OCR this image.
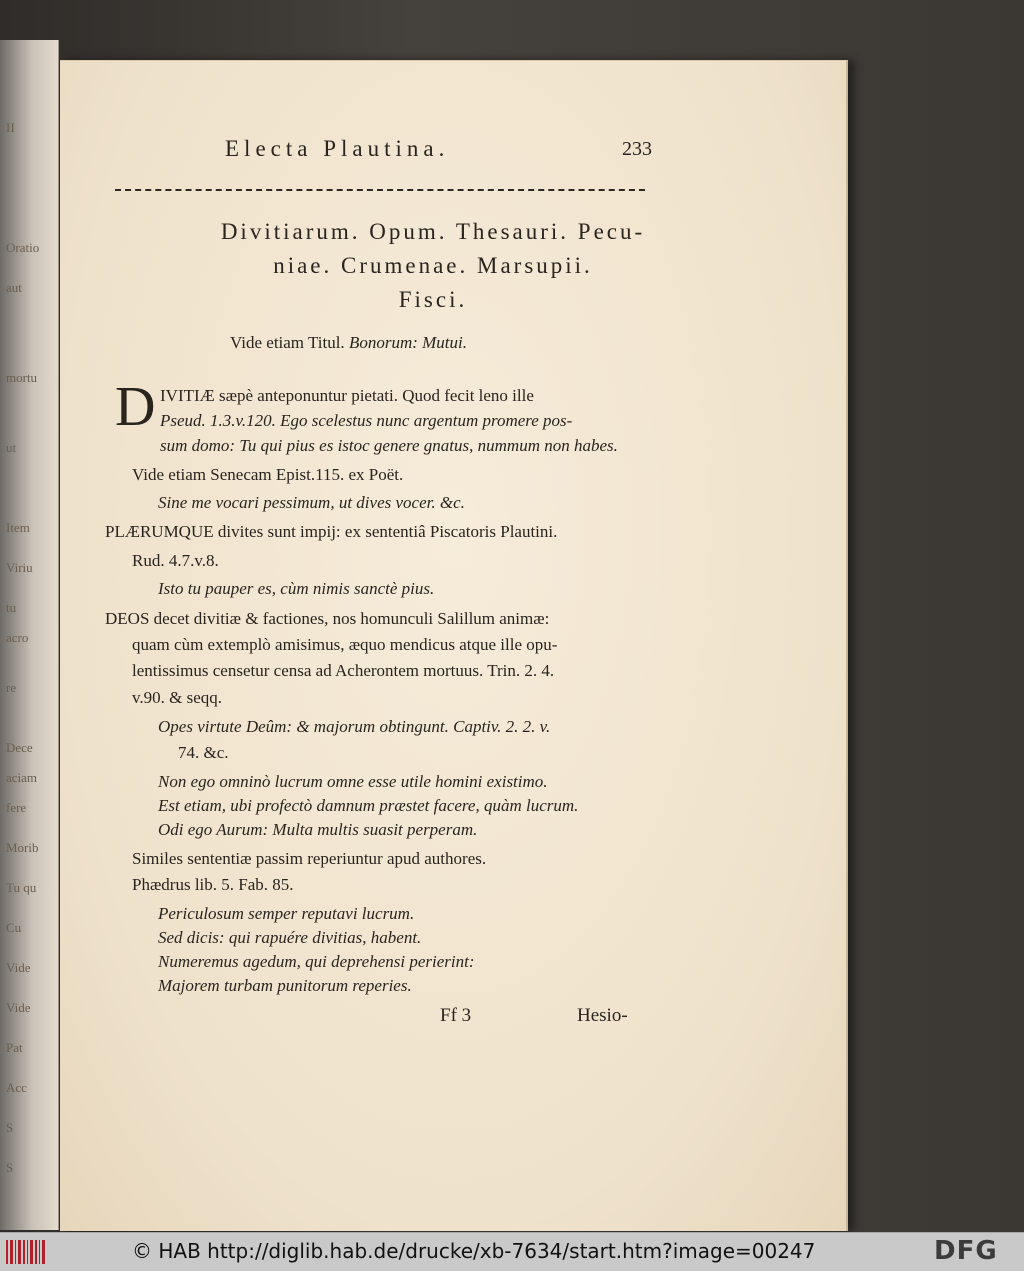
II
Oratio
aut
mortu
ut
Item
Viriu
tu
acro
re
Dece
aciam
fere
Morib
Tu qu
Cu
Vide
Vide
Pat
Acc
S
S
Electa Plautina.	233
Divitiarum. Opum. Thesauri. Pecu-
niae. Crumenae. Marsupii.
Fisci.
Vide etiam Titul. Bonorum: Mutui.
D IVITIÆ sæpè anteponuntur pietati. Quod fecit leno ille
Pseud. 1.3.v.120. Ego scelestus nunc argentum promere pos-
sum domo: Tu qui pius es istoc genere gnatus, nummum non habes.
Vide etiam Senecam Epist.115. ex Poët.
Sine me vocari pessimum, ut dives vocer. &c.
PLÆRUMQUE divites sunt impij: ex sententiâ Piscatoris Plautini.
Rud. 4.7.v.8.
Isto tu pauper es, cùm nimis sanctè pius.
DEOS decet divitiæ & factiones, nos homunculi Salillum animæ:
quam cùm extemplò amisimus, æquo mendicus atque ille opu-
lentissimus censetur censa ad Acherontem mortuus. Trin. 2. 4.
v.90. & seqq.
Opes virtute Deûm: & majorum obtingunt. Captiv. 2. 2. v.
74. &c.
Non ego omninò lucrum omne esse utile homini existimo.
Est etiam, ubi profectò damnum præstet facere, quàm lucrum.
Odi ego Aurum: Multa multis suasit perperam.
Similes sententiæ passim reperiuntur apud authores.
Phædrus lib. 5. Fab. 85.
Periculosum semper reputavi lucrum.
Sed dicis: qui rapuére divitias, habent.
Numeremus agedum, qui deprehensi perierint:
Majorem turbam punitorum reperies.
Ff 3	Hesio-
© HAB http://diglib.hab.de/drucke/xb-7634/start.htm?image=00247	DFG
